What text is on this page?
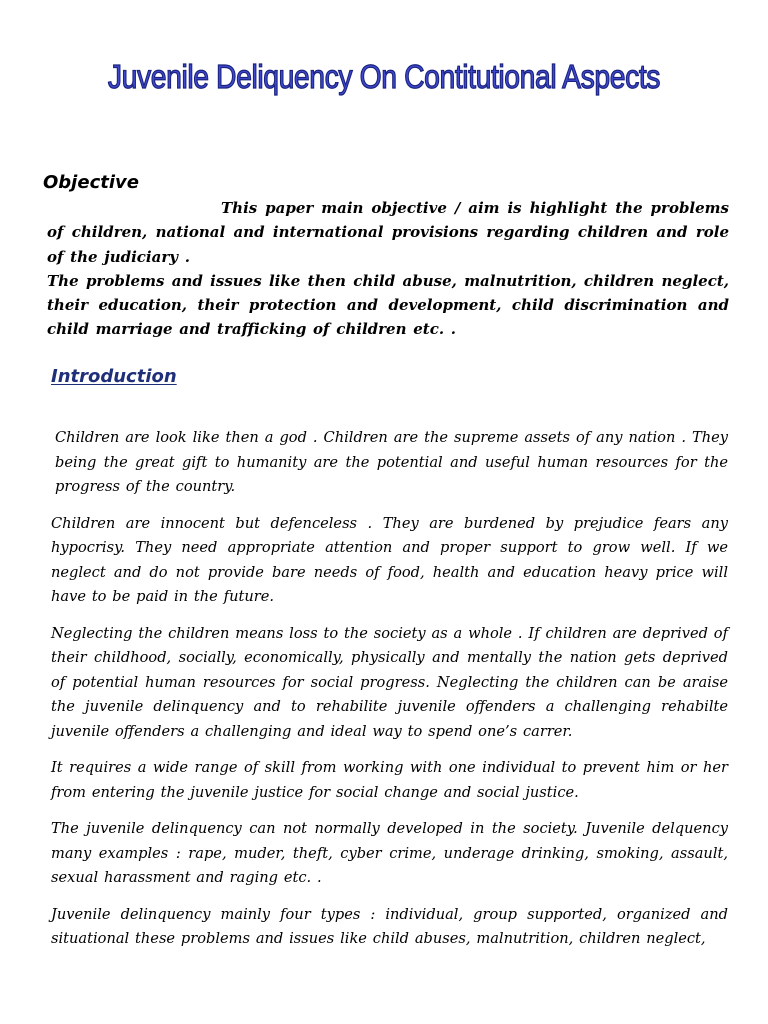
Juvenile Deliquency On Contitutional Aspects
Objective

This paper main objective / aim is highlight the problems of children, national and international provisions regarding children and role of the judiciary .

The problems and issues like then child abuse, malnutrition, children neglect, their education, their protection and development, child discrimination and child marriage and trafficking of children etc. .

Introduction

Children are look like then a god . Children are the supreme assets of any nation . They being the great gift to humanity are the potential and useful human resources for the progress of the country.

Children are innocent but defenceless . They are burdened by prejudice fears any hypocrisy. They need appropriate attention and proper support to grow well. If we neglect and do not provide bare needs of food, health and education heavy price will have to be paid in the future.

Neglecting the children means loss to the society as a whole . If children are deprived of their childhood, socially, economically, physically and mentally the nation gets deprived of potential human resources for social progress. Neglecting the children can be araise the juvenile delinquency and to rehabilite juvenile offenders a challenging rehabilte juvenile offenders a challenging and ideal way to spend one’s carrer.

It requires a wide range of skill from working with one individual to prevent him or her from entering the juvenile justice for social change and social justice.

The juvenile delinquency can not normally developed in the society. Juvenile delquency many examples : rape, muder, theft, cyber crime, underage drinking, smoking, assault, sexual harassment and raging etc. .

Juvenile delinquency mainly four types : individual, group supported, organized and situational these problems and issues like child abuses, malnutrition, children neglect,
